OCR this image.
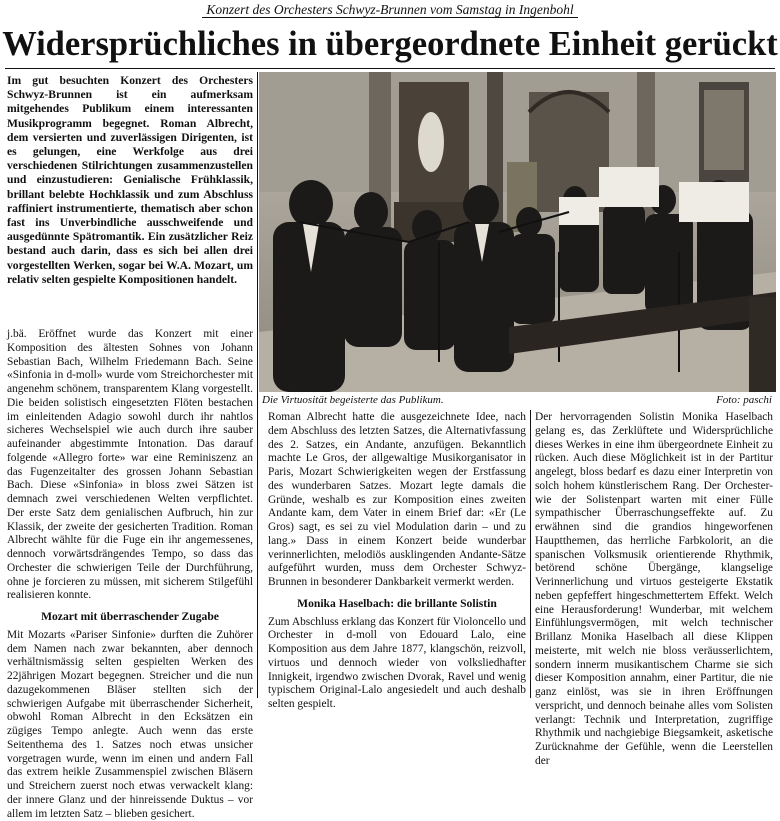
Konzert des Orchesters Schwyz-Brunnen vom Samstag in Ingenbohl
Widersprüchliches in übergeordnete Einheit gerückt

Im gut besuchten Konzert des Orchesters Schwyz-Brunnen ist ein aufmerksam mitgehendes Publikum einem interessanten Musikprogramm begegnet. Roman Albrecht, dem versierten und zuverlässigen Dirigenten, ist es gelungen, eine Werkfolge aus drei verschiedenen Stilrichtungen zusammenzustellen und einzustudieren: Genialische Frühklassik, brillant belebte Hochklassik und zum Abschluss raffiniert instrumentierte, thematisch aber schon fast ins Unverbindliche ausschweifende und ausgedünnte Spätromantik. Ein zusätzlicher Reiz bestand auch darin, dass es sich bei allen drei vorgestellten Werken, sogar bei W.A. Mozart, um relativ selten gespielte Kompositionen handelt.

j.bä. Eröffnet wurde das Konzert mit einer Komposition des ältesten Sohnes von Johann Sebastian Bach, Wilhelm Friedemann Bach. Seine «Sinfonia in d-moll» wurde vom Streichorchester mit angenehm schönem, transparentem Klang vorgestellt. Die beiden solistisch eingesetzten Flöten bestachen im einleitenden Adagio sowohl durch ihr nahtlos sicheres Wechselspiel wie auch durch ihre sauber aufeinander abgestimmte Intonation. Das darauf folgende «Allegro forte» war eine Reminiszenz an das Fugenzeitalter des grossen Johann Sebastian Bach. Diese «Sinfonia» in bloss zwei Sätzen ist demnach zwei verschiedenen Welten verpflichtet. Der erste Satz dem genialischen Aufbruch, hin zur Klassik, der zweite der gesicherten Tradition. Roman Albrecht wählte für die Fuge ein ihr angemessenes, dennoch vorwärtsdrängendes Tempo, so dass das Orchester die schwierigen Teile der Durchführung, ohne je forcieren zu müssen, mit sicherem Stilgefühl realisieren konnte.

Mozart mit überraschender Zugabe

Mit Mozarts «Pariser Sinfonie» durften die Zuhörer dem Namen nach zwar bekannten, aber dennoch verhältnismässig selten gespielten Werken des 22jährigen Mozart begegnen. Streicher und die nun dazugekommenen Bläser stellten sich der schwierigen Aufgabe mit überraschender Sicherheit, obwohl Roman Albrecht in den Ecksätzen ein zügiges Tempo anlegte. Auch wenn das erste Seitenthema des 1. Satzes noch etwas unsicher vorgetragen wurde, wenn im einen und andern Fall das extrem heikle Zusammenspiel zwischen Bläsern und Streichern zuerst noch etwas verwackelt klang: der innere Glanz und der hinreissende Duktus – vor allem im letzten Satz – blieben gesichert.

Die Virtuosität begeisterte das Publikum.	Foto: paschi

Roman Albrecht hatte die ausgezeichnete Idee, nach dem Abschluss des letzten Satzes, die Alternativfassung des 2. Satzes, ein Andante, anzufügen. Bekanntlich machte Le Gros, der allgewaltige Musikorganisator in Paris, Mozart Schwierigkeiten wegen der Erstfassung des wunderbaren Satzes. Mozart legte damals die Gründe, weshalb es zur Komposition eines zweiten Andante kam, dem Vater in einem Brief dar: «Er (Le Gros) sagt, es sei zu viel Modulation darin – und zu lang.» Dass in einem Konzert beide wunderbar verinnerlichten, melodiös ausklingenden Andante-Sätze aufgeführt wurden, muss dem Orchester Schwyz-Brunnen in besonderer Dankbarkeit vermerkt werden.

Monika Haselbach: die brillante Solistin

Zum Abschluss erklang das Konzert für Violoncello und Orchester in d-moll von Edouard Lalo, eine Komposition aus dem Jahre 1877, klangschön, reizvoll, virtuos und dennoch wieder von volksliedhafter Innigkeit, irgendwo zwischen Dvorak, Ravel und wenig typischem Original-Lalo angesiedelt und auch deshalb selten gespielt.

Der hervorragenden Solistin Monika Haselbach gelang es, das Zerklüftete und Widersprüchliche dieses Werkes in eine ihm übergeordnete Einheit zu rücken. Auch diese Möglichkeit ist in der Partitur angelegt, bloss bedarf es dazu einer Interpretin von solch hohem künstlerischem Rang. Der Orchester- wie der Solistenpart warten mit einer Fülle sympathischer Überraschungseffekte auf. Zu erwähnen sind die grandios hingeworfenen Hauptthemen, das herrliche Farbkolorit, an die spanischen Volksmusik orientierende Rhythmik, betörend schöne Übergänge, klangselige Verinnerlichung und virtuos gesteigerte Ekstatik neben gepfeffert hingeschmettertem Effekt. Welch eine Herausforderung! Wunderbar, mit welchem Einfühlungsvermögen, mit welch technischer Brillanz Monika Haselbach all diese Klippen meisterte, mit welch nie bloss veräusserlichtem, sondern innerm musikantischem Charme sie sich dieser Komposition annahm, einer Partitur, die nie ganz einlöst, was sie in ihren Eröffnungen verspricht, und dennoch beinahe alles vom Solisten verlangt: Technik und Interpretation, zugriffige Rhythmik und nachgiebige Biegsamkeit, asketische Zurücknahme der Gefühle, wenn die Leerstellen der
